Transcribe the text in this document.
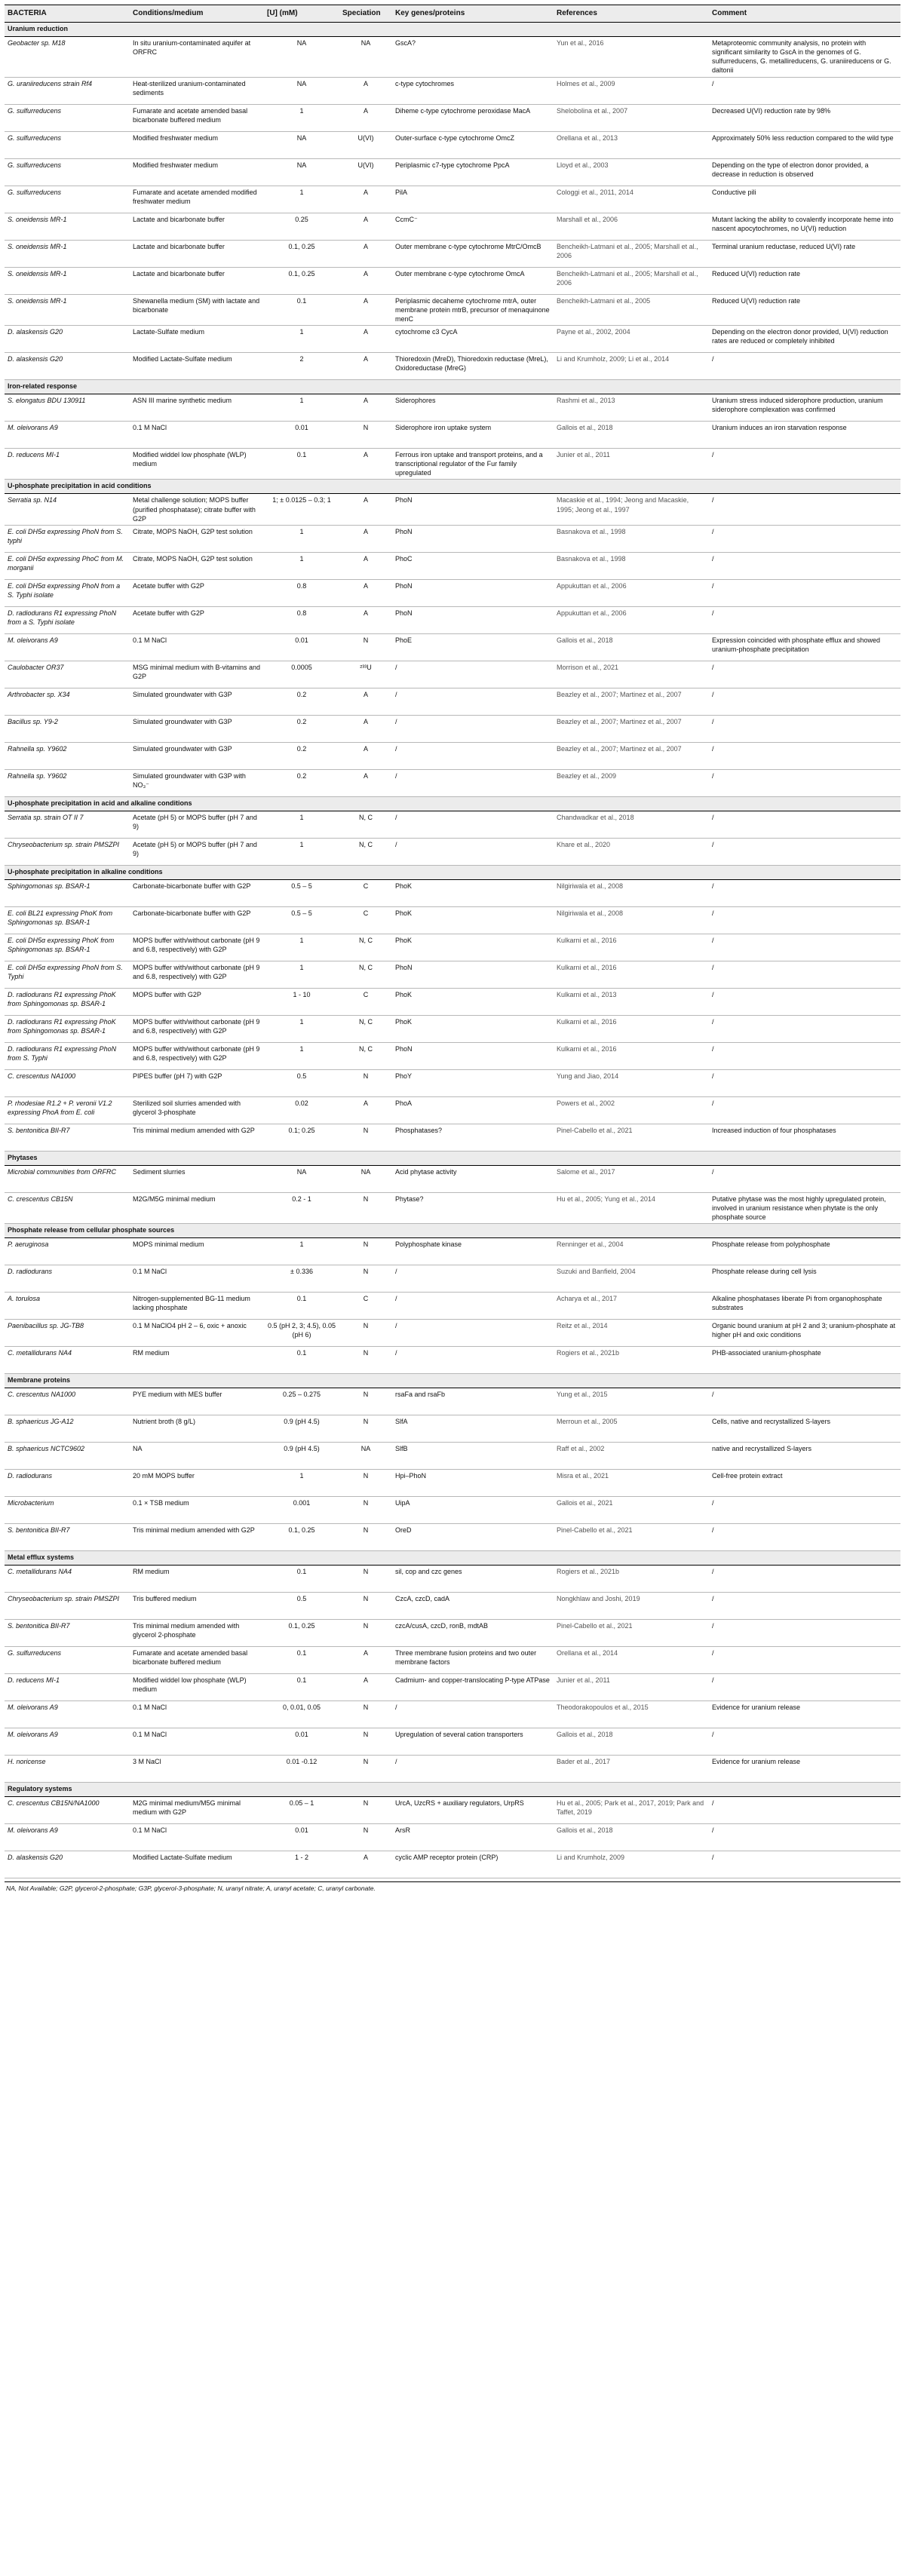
BACTERIA	Conditions/medium	[U] (mM)	Speciation	Key genes/proteins	References	Comment
Uranium reduction						
Geobacter sp. M18	In situ uranium-contaminated aquifer at ORFRC	NA	NA	GscA?	Yun et al., 2016	Metaproteomic community analysis, no protein with significant similarity to GscA in the genomes of G. sulfurreducens, G. metallireducens, G. uraniireducens or G. daltonii
G. uraniireducens strain Rf4	Heat-sterilized uranium-contaminated sediments	NA	A	c-type cytochromes	Holmes et al., 2009	/
G. sulfurreducens	Fumarate and acetate amended basal bicarbonate buffered medium	1	A	Diheme c-type cytochrome peroxidase MacA	Shelobolina et al., 2007	Decreased U(VI) reduction rate by 98%
G. sulfurreducens	Modified freshwater medium	NA	U(VI)	Outer-surface c-type cytochrome OmcZ	Orellana et al., 2013	Approximately 50% less reduction compared to the wild type
G. sulfurreducens	Modified freshwater medium	NA	U(VI)	Periplasmic c7-type cytochrome PpcA	Lloyd et al., 2003	Depending on the type of electron donor provided, a decrease in reduction is observed
G. sulfurreducens	Fumarate and acetate amended modified freshwater medium	1	A	PilA	Cologgi et al., 2011, 2014	Conductive pili
S. oneidensis MR-1	Lactate and bicarbonate buffer	0.25	A	CcmC⁻	Marshall et al., 2006	Mutant lacking the ability to covalently incorporate heme into nascent apocytochromes, no U(VI) reduction
S. oneidensis MR-1	Lactate and bicarbonate buffer	0.1, 0.25	A	Outer membrane c-type cytochrome MtrC/OmcB	Bencheikh-Latmani et al., 2005; Marshall et al., 2006	Terminal uranium reductase, reduced U(VI) rate
S. oneidensis MR-1	Lactate and bicarbonate buffer	0.1, 0.25	A	Outer membrane c-type cytochrome OmcA	Bencheikh-Latmani et al., 2005; Marshall et al., 2006	Reduced U(VI) reduction rate
S. oneidensis MR-1	Shewanella medium (SM) with lactate and bicarbonate	0.1	A	Periplasmic decaheme cytochrome mtrA, outer membrane protein mtrB, precursor of menaquinone menC	Bencheikh-Latmani et al., 2005	Reduced U(VI) reduction rate
D. alaskensis G20	Lactate-Sulfate medium	1	A	cytochrome c3 CycA	Payne et al., 2002, 2004	Depending on the electron donor provided, U(VI) reduction rates are reduced or completely inhibited
D. alaskensis G20	Modified Lactate-Sulfate medium	2	A	Thioredoxin (MreD), Thioredoxin reductase (MreL), Oxidoreductase (MreG)	Li and Krumholz, 2009; Li et al., 2014	/
Iron-related response						
S. elongatus BDU 130911	ASN III marine synthetic medium	1	A	Siderophores	Rashmi et al., 2013	Uranium stress induced siderophore production, uranium siderophore complexation was confirmed
M. oleivorans A9	0.1 M NaCl	0.01	N	Siderophore iron uptake system	Gallois et al., 2018	Uranium induces an iron starvation response
D. reducens MI-1	Modified widdel low phosphate (WLP) medium	0.1	A	Ferrous iron uptake and transport proteins, and a transcriptional regulator of the Fur family upregulated	Junier et al., 2011	/
U-phosphate precipitation in acid conditions						
Serratia sp. N14	Metal challenge solution; MOPS buffer (purified phosphatase); citrate buffer with G2P	1; ± 0.0125 – 0.3; 1	A	PhoN	Macaskie et al., 1994; Jeong and Macaskie, 1995; Jeong et al., 1997	/
E. coli DH5α expressing PhoN from S. typhi	Citrate, MOPS NaOH, G2P test solution	1	A	PhoN	Basnakova et al., 1998	/
E. coli DH5α expressing PhoC from M. morganii	Citrate, MOPS NaOH, G2P test solution	1	A	PhoC	Basnakova et al., 1998	/
E. coli DH5α expressing PhoN from a S. Typhi isolate	Acetate buffer with G2P	0.8	A	PhoN	Appukuttan et al., 2006	/
D. radiodurans R1 expressing PhoN from a S. Typhi isolate	Acetate buffer with G2P	0.8	A	PhoN	Appukuttan et al., 2006	/
M. oleivorans A9	0.1 M NaCl	0.01	N	PhoE	Gallois et al., 2018	Expression coincided with phosphate efflux and showed uranium-phosphate precipitation
Caulobacter OR37	MSG minimal medium with B-vitamins and G2P	0.0005	²³³U	/	Morrison et al., 2021	/
Arthrobacter sp. X34	Simulated groundwater with G3P	0.2	A	/	Beazley et al., 2007; Martinez et al., 2007	/
Bacillus sp. Y9-2	Simulated groundwater with G3P	0.2	A	/	Beazley et al., 2007; Martinez et al., 2007	/
Rahnella sp. Y9602	Simulated groundwater with G3P	0.2	A	/	Beazley et al., 2007; Martinez et al., 2007	/
Rahnella sp. Y9602	Simulated groundwater with G3P with NO₃⁻	0.2	A	/	Beazley et al., 2009	/
U-phosphate precipitation in acid and alkaline conditions						
Serratia sp. strain OT II 7	Acetate (pH 5) or MOPS buffer (pH 7 and 9)	1	N, C	/	Chandwadkar et al., 2018	/
Chryseobacterium sp. strain PMSZPI	Acetate (pH 5) or MOPS buffer (pH 7 and 9)	1	N, C	/	Khare et al., 2020	/
U-phosphate precipitation in alkaline conditions						
Sphingomonas sp. BSAR-1	Carbonate-bicarbonate buffer with G2P	0.5 – 5	C	PhoK	Nilgiriwala et al., 2008	/
E. coli BL21 expressing PhoK from Sphingomonas sp. BSAR-1	Carbonate-bicarbonate buffer with G2P	0.5 – 5	C	PhoK	Nilgiriwala et al., 2008	/
E. coli DH5α expressing PhoK from Sphingomonas sp. BSAR-1	MOPS buffer with/without carbonate (pH 9 and 6.8, respectively) with G2P	1	N, C	PhoK	Kulkarni et al., 2016	/
E. coli DH5α expressing PhoN from S. Typhi	MOPS buffer with/without carbonate (pH 9 and 6.8, respectively) with G2P	1	N, C	PhoN	Kulkarni et al., 2016	/
D. radiodurans R1 expressing PhoK from Sphingomonas sp. BSAR-1	MOPS buffer with G2P	1 - 10	C	PhoK	Kulkarni et al., 2013	/
D. radiodurans R1 expressing PhoK from Sphingomonas sp. BSAR-1	MOPS buffer with/without carbonate (pH 9 and 6.8, respectively) with G2P	1	N, C	PhoK	Kulkarni et al., 2016	/
D. radiodurans R1 expressing PhoN from S. Typhi	MOPS buffer with/without carbonate (pH 9 and 6.8, respectively) with G2P	1	N, C	PhoN	Kulkarni et al., 2016	/
C. crescentus NA1000	PIPES buffer (pH 7) with G2P	0.5	N	PhoY	Yung and Jiao, 2014	/
P. rhodesiae R1.2 + P. veronii V1.2 expressing PhoA from E. coli	Sterilized soil slurries amended with glycerol 3-phosphate	0.02	A	PhoA	Powers et al., 2002	/
S. bentonitica BII-R7	Tris minimal medium amended with G2P	0.1; 0.25	N	Phosphatases?	Pinel-Cabello et al., 2021	Increased induction of four phosphatases
Phytases						
Microbial communities from ORFRC	Sediment slurries	NA	NA	Acid phytase activity	Salome et al., 2017	/
C. crescentus CB15N	M2G/M5G minimal medium	0.2 - 1	N	Phytase?	Hu et al., 2005; Yung et al., 2014	Putative phytase was the most highly upregulated protein, involved in uranium resistance when phytate is the only phosphate source
Phosphate release from cellular phosphate sources						
P. aeruginosa	MOPS minimal medium	1	N	Polyphosphate kinase	Renninger et al., 2004	Phosphate release from polyphosphate
D. radiodurans	0.1 M NaCl	± 0.336	N	/	Suzuki and Banfield, 2004	Phosphate release during cell lysis
A. torulosa	Nitrogen-supplemented BG-11 medium lacking phosphate	0.1	C	/	Acharya et al., 2017	Alkaline phosphatases liberate Pi from organophosphate substrates
Paenibacillus sp. JG-TB8	0.1 M NaClO4 pH 2 – 6, oxic + anoxic	0.5 (pH 2, 3; 4.5), 0.05 (pH 6)	N	/	Reitz et al., 2014	Organic bound uranium at pH 2 and 3; uranium-phosphate at higher pH and oxic conditions
C. metallidurans NA4	RM medium	0.1	N	/	Rogiers et al., 2021b	PHB-associated uranium-phosphate
Membrane proteins						
C. crescentus NA1000	PYE medium with MES buffer	0.25 – 0.275	N	rsaFa and rsaFb	Yung et al., 2015	/
B. sphaericus JG-A12	Nutrient broth (8 g/L)	0.9 (pH 4.5)	N	SlfA	Merroun et al., 2005	Cells, native and recrystallized S-layers
B. sphaericus NCTC9602	NA	0.9 (pH 4.5)	NA	SlfB	Raff et al., 2002	native and recrystallized S-layers
D. radiodurans	20 mM MOPS buffer	1	N	Hpi–PhoN	Misra et al., 2021	Cell-free protein extract
Microbacterium	0.1 × TSB medium	0.001	N	UipA	Gallois et al., 2021	/
S. bentonitica BII-R7	Tris minimal medium amended with G2P	0.1, 0.25	N	OreD	Pinel-Cabello et al., 2021	/
Metal efflux systems						
C. metallidurans NA4	RM medium	0.1	N	sil, cop and czc genes	Rogiers et al., 2021b	/
Chryseobacterium sp. strain PMSZPI	Tris buffered medium	0.5	N	CzcA, czcD, cadA	Nongkhlaw and Joshi, 2019	/
S. bentonitica BII-R7	Tris minimal medium amended with glycerol 2-phosphate	0.1, 0.25	N	czcA/cusA, czcD, ronB, mdtAB	Pinel-Cabello et al., 2021	/
G. sulfurreducens	Fumarate and acetate amended basal bicarbonate buffered medium	0.1	A	Three membrane fusion proteins and two outer membrane factors	Orellana et al., 2014	/
D. reducens MI-1	Modified widdel low phosphate (WLP) medium	0.1	A	Cadmium- and copper-translocating P-type ATPase	Junier et al., 2011	/
M. oleivorans A9	0.1 M NaCl	0, 0.01, 0.05	N	/	Theodorakopoulos et al., 2015	Evidence for uranium release
M. oleivorans A9	0.1 M NaCl	0.01	N	Upregulation of several cation transporters	Gallois et al., 2018	/
H. noricense	3 M NaCl	0.01 -0.12	N	/	Bader et al., 2017	Evidence for uranium release
Regulatory systems						
C. crescentus CB15N/NA1000	M2G minimal medium/M5G minimal medium with G2P	0.05 – 1	N	UrcA, UzcRS + auxiliary regulators, UrpRS	Hu et al., 2005; Park et al., 2017, 2019; Park and Taffet, 2019	/
M. oleivorans A9	0.1 M NaCl	0.01	N	ArsR	Gallois et al., 2018	/
D. alaskensis G20	Modified Lactate-Sulfate medium	1 - 2	A	cyclic AMP receptor protein (CRP)	Li and Krumholz, 2009	/
NA, Not Available; G2P, glycerol-2-phosphate; G3P, glycerol-3-phosphate; N, uranyl nitrate; A, uranyl acetate; C, uranyl carbonate.
